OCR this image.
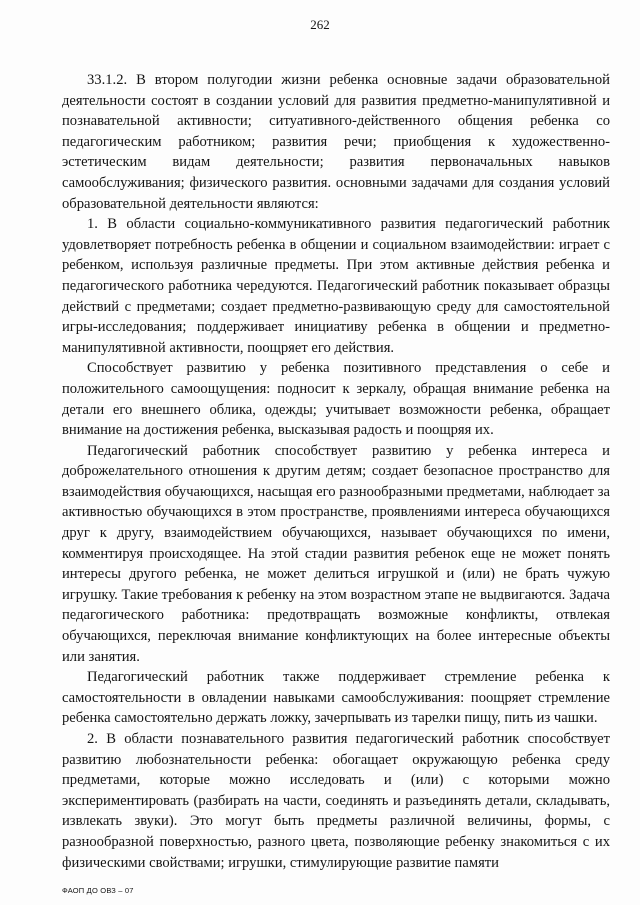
262

33.1.2. В втором полугодии жизни ребенка основные задачи образовательной деятельности состоят в создании условий для развития предметно-манипулятивной и познавательной активности; ситуативного-действенного общения ребенка со педагогическим работником; развития речи; приобщения к художественно-эстетическим видам деятельности; развития первоначальных навыков самообслуживания; физического развития. основными задачами для создания условий образовательной деятельности являются:

1. В области социально-коммуникативного развития педагогический работник удовлетворяет потребность ребенка в общении и социальном взаимодействии: играет с ребенком, используя различные предметы. При этом активные действия ребенка и педагогического работника чередуются. Педагогический работник показывает образцы действий с предметами; создает предметно-развивающую среду для самостоятельной игры-исследования; поддерживает инициативу ребенка в общении и предметно-манипулятивной активности, поощряет его действия.

Способствует развитию у ребенка позитивного представления о себе и положительного самоощущения: подносит к зеркалу, обращая внимание ребенка на детали его внешнего облика, одежды; учитывает возможности ребенка, обращает внимание на достижения ребенка, высказывая радость и поощряя их.

Педагогический работник способствует развитию у ребенка интереса и доброжелательного отношения к другим детям; создает безопасное пространство для взаимодействия обучающихся, насыщая его разнообразными предметами, наблюдает за активностью обучающихся в этом пространстве, проявлениями интереса обучающихся друг к другу, взаимодействием обучающихся, называет обучающихся по имени, комментируя происходящее. На этой стадии развития ребенок еще не может понять интересы другого ребенка, не может делиться игрушкой и (или) не брать чужую игрушку. Такие требования к ребенку на этом возрастном этапе не выдвигаются. Задача педагогического работника: предотвращать возможные конфликты, отвлекая обучающихся, переключая внимание конфликтующих на более интересные объекты или занятия.

Педагогический работник также поддерживает стремление ребенка к самостоятельности в овладении навыками самообслуживания: поощряет стремление ребенка самостоятельно держать ложку, зачерпывать из тарелки пищу, пить из чашки.

2. В области познавательного развития педагогический работник способствует развитию любознательности ребенка: обогащает окружающую ребенка среду предметами, которые можно исследовать и (или) с которыми можно экспериментировать (разбирать на части, соединять и разъединять детали, складывать, извлекать звуки). Это могут быть предметы различной величины, формы, с разнообразной поверхностью, разного цвета, позволяющие ребенку знакомиться с их физическими свойствами; игрушки, стимулирующие развитие памяти

ФАОП ДО ОВЗ – 07
